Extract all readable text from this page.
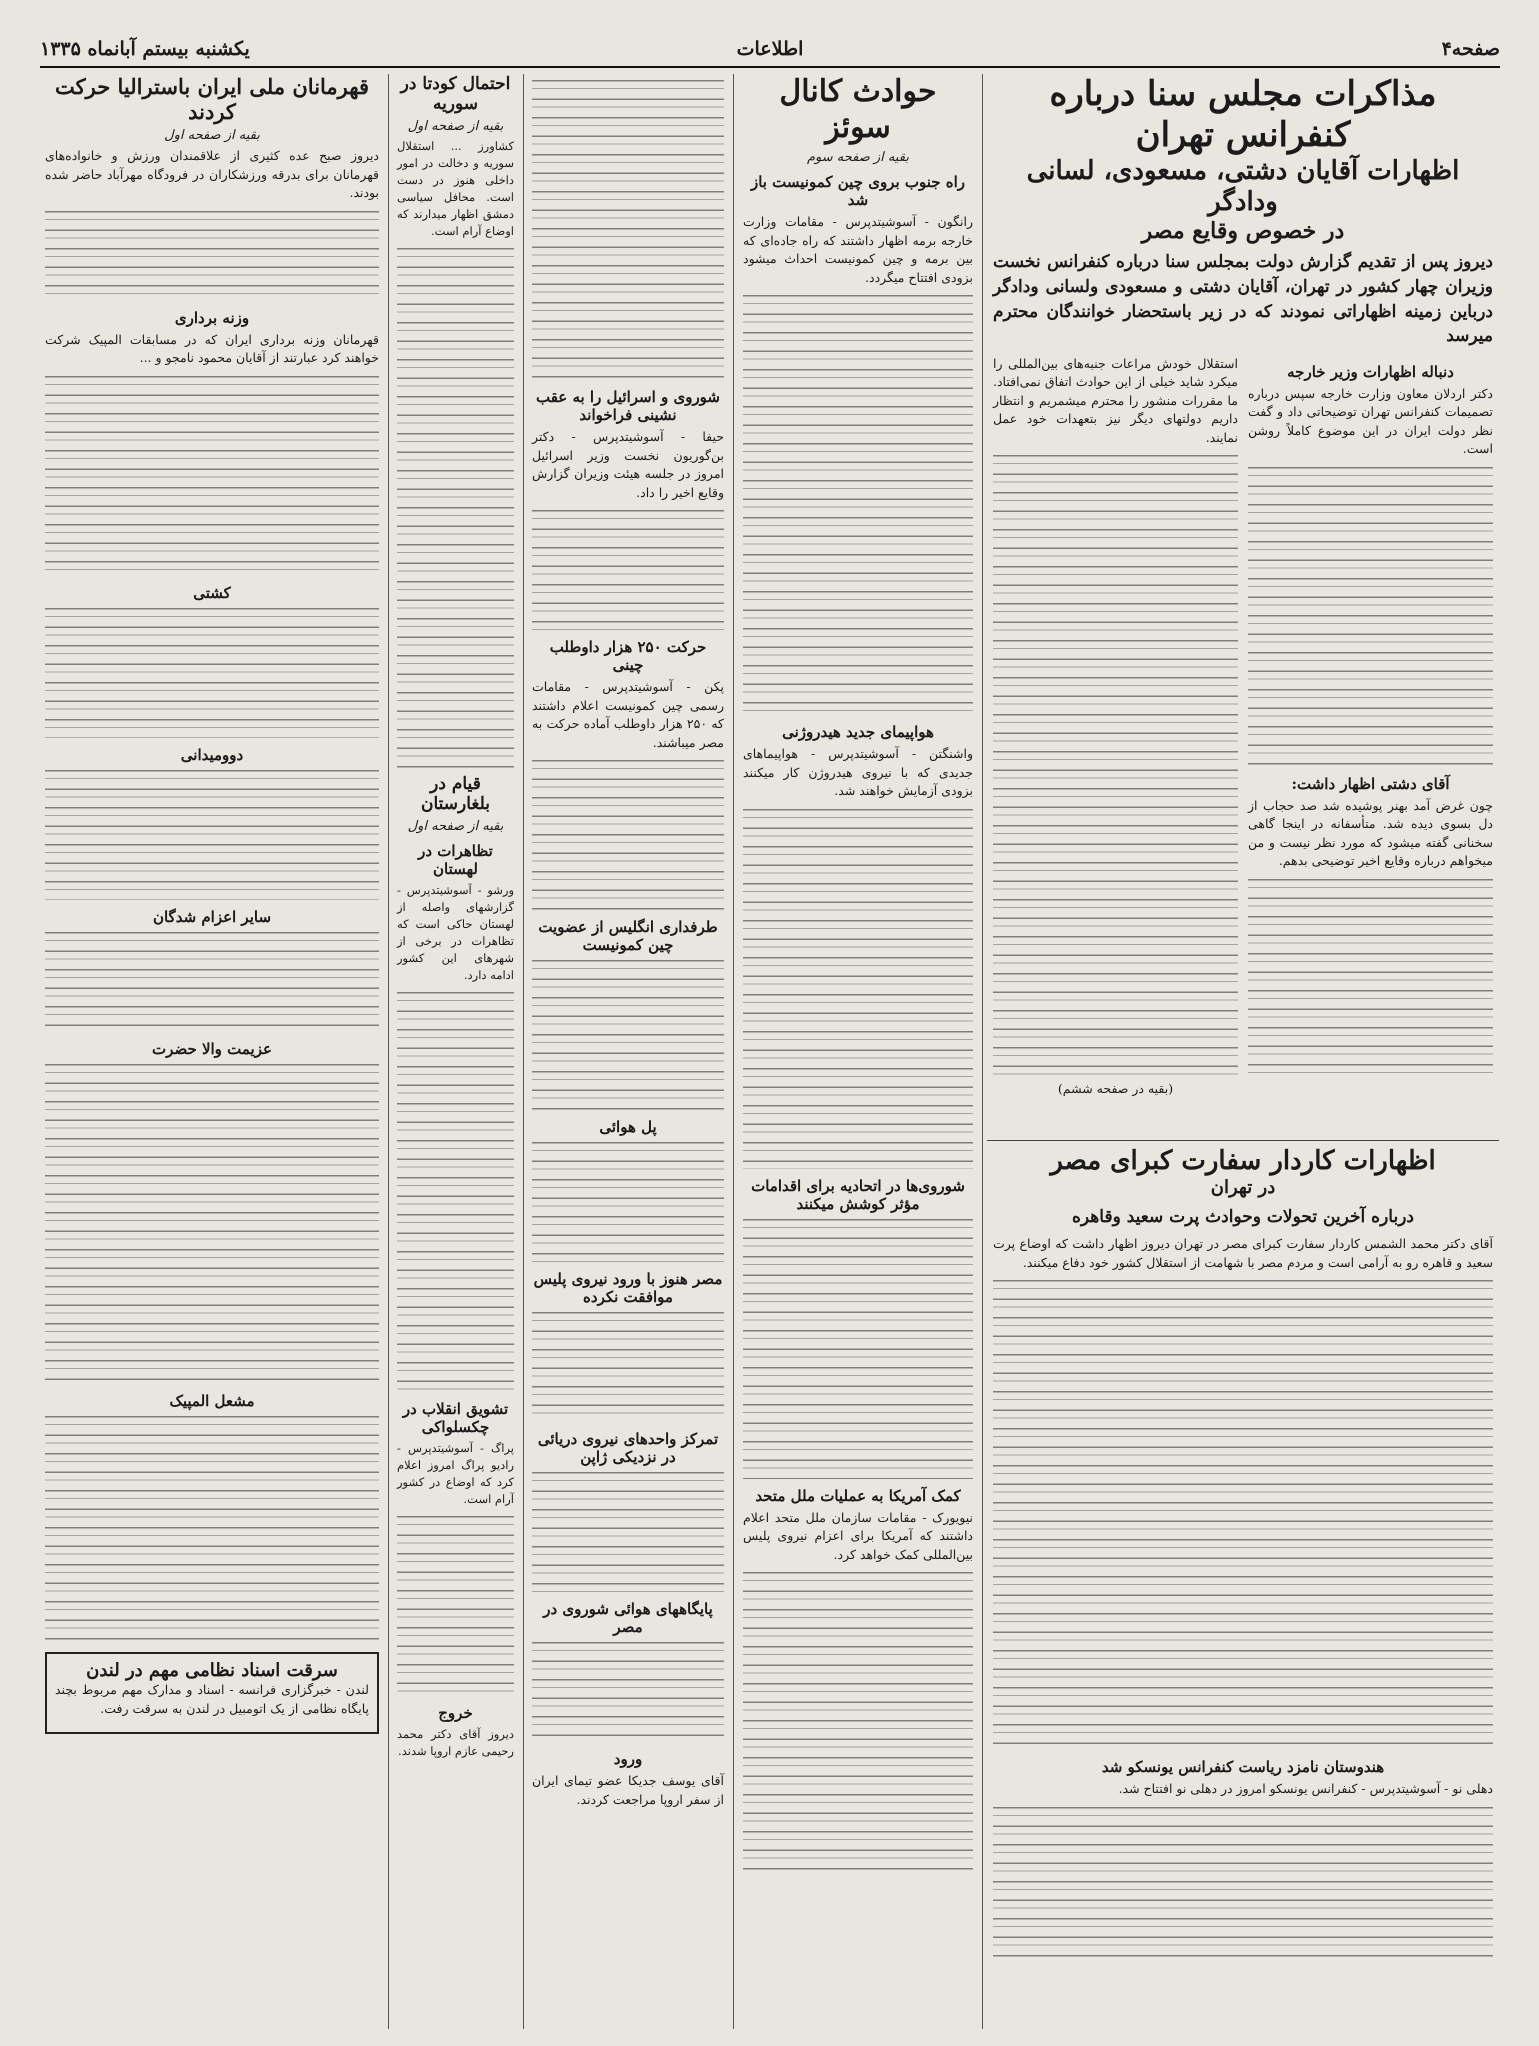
صفحه۴
اطلاعات
یکشنبه بیستم آبانماه ۱۳۳۵

مذاکرات مجلس سنا درباره کنفرانس تهران

اظهارات آقایان دشتی، مسعودی، لسانی ودادگر

در خصوص وقایع مصر

دیروز پس از تقدیم گزارش دولت بمجلس سنا درباره کنفرانس نخست وزیران چهار کشور در تهران، آقایان دشتی و مسعودی ولسانی ودادگر درباین زمینه اظهاراتی نمودند که در زیر باستحضار خوانندگان محترم میرسد

دنباله اظهارات وزیر خارجه

دکتر اردلان معاون وزارت خارجه سپس درباره تصمیمات کنفرانس تهران توضیحاتی داد و گفت نظر دولت ایران در این موضوع کاملاً روشن است.

آقای دشتی اظهار داشت:

چون غرض آمد بهنر پوشیده شد صد حجاب از دل بسوی دیده شد. متأسفانه در اینجا گاهی سخنانی گفته میشود که مورد نظر نیست و من میخواهم درباره وقایع اخیر توضیحی بدهم.

استقلال خودش مراعات جنبه‌های بین‌المللی را میکرد شاید خیلی از این حوادث اتفاق نمی‌افتاد. ما مقررات منشور را محترم میشمریم و انتظار داریم دولتهای دیگر نیز بتعهدات خود عمل نمایند.

(بقیه در صفحه ششم)

اظهارات کاردار سفارت کبرای مصر

در تهران

درباره آخرین تحولات وحوادث پرت سعید وقاهره

آقای دکتر محمد الشمس کاردار سفارت کبرای مصر در تهران دیروز اظهار داشت که اوضاع پرت سعید و قاهره رو به آرامی است و مردم مصر با شهامت از استقلال کشور خود دفاع میکنند.

هندوستان نامزد ریاست کنفرانس یونسکو شد

دهلی نو - آسوشیتدپرس - کنفرانس یونسکو امروز در دهلی نو افتتاح شد.

حوادث کانال سوئز

بقیه از صفحه سوم

راه جنوب بروی چین کمونیست باز شد

رانگون - آسوشیتدپرس - مقامات وزارت خارجه برمه اظهار داشتند که راه جاده‌ای که بین برمه و چین کمونیست احداث میشود بزودی افتتاح میگردد.

هواپیمای جدید هیدروژنی

واشنگتن - آسوشیتدپرس - هواپیماهای جدیدی که با نیروی هیدروژن کار میکنند بزودی آزمایش خواهند شد.

شوروی‌ها در اتحادیه برای اقدامات مؤثر کوشش میکنند

کمک آمریکا به عملیات ملل متحد

نیویورک - مقامات سازمان ملل متحد اعلام داشتند که آمریکا برای اعزام نیروی پلیس بین‌المللی کمک خواهد کرد.

شوروی و اسرائیل را به عقب نشینی فراخواند

حیفا - آسوشیتدپرس - دکتر بن‌گوریون نخست وزیر اسرائیل امروز در جلسه هیئت وزیران گزارش وقایع اخیر را داد.

حرکت ۲۵۰ هزار داوطلب چینی

پکن - آسوشیتدپرس - مقامات رسمی چین کمونیست اعلام داشتند که ۲۵۰ هزار داوطلب آماده حرکت به مصر میباشند.

طرفداری انگلیس از عضویت چین کمونیست

پل هوائی

مصر هنوز با ورود نیروی پلیس موافقت نکرده

تمرکز واحدهای نیروی دریائی در نزدیکی ژاپن

پایگاههای هوائی شوروی در مصر

ورود

آقای یوسف جدیکا عضو تیمای ایران از سفر اروپا مراجعت کردند.

احتمال کودتا در سوریه

بقیه از صفحه اول

کشاورز ... استقلال سوریه و دخالت در امور داخلی هنوز در دست است. محافل سیاسی دمشق اظهار میدارند که اوضاع آرام است.

قیام در بلغارستان

بقیه از صفحه اول

تظاهرات در لهستان

ورشو - آسوشیتدپرس - گزارشهای واصله از لهستان حاکی است که تظاهرات در برخی از شهرهای این کشور ادامه دارد.

تشویق انقلاب در چکسلواکی

پراگ - آسوشیتدپرس - رادیو پراگ امروز اعلام کرد که اوضاع در کشور آرام است.

خروج

دیروز آقای دکتر محمد رحیمی عازم اروپا شدند.

قهرمانان ملی ایران باسترالیا حرکت کردند

بقیه از صفحه اول

دیروز صبح عده کثیری از علاقمندان ورزش و خانواده‌های قهرمانان برای بدرقه ورزشکاران در فرودگاه مهرآباد حاضر شده بودند.

وزنه برداری

قهرمانان وزنه برداری ایران که در مسابقات المپیک شرکت خواهند کرد عبارتند از آقایان محمود نامجو و ...

کشتی

دوومیدانی

سایر اعزام شدگان

عزیمت والا حضرت

مشعل المپیک

سرقت اسناد نظامی مهم در لندن

لندن - خبرگزاری فرانسه - اسناد و مدارک مهم مربوط بچند پایگاه نظامی از یک اتومبیل در لندن به سرقت رفت.
